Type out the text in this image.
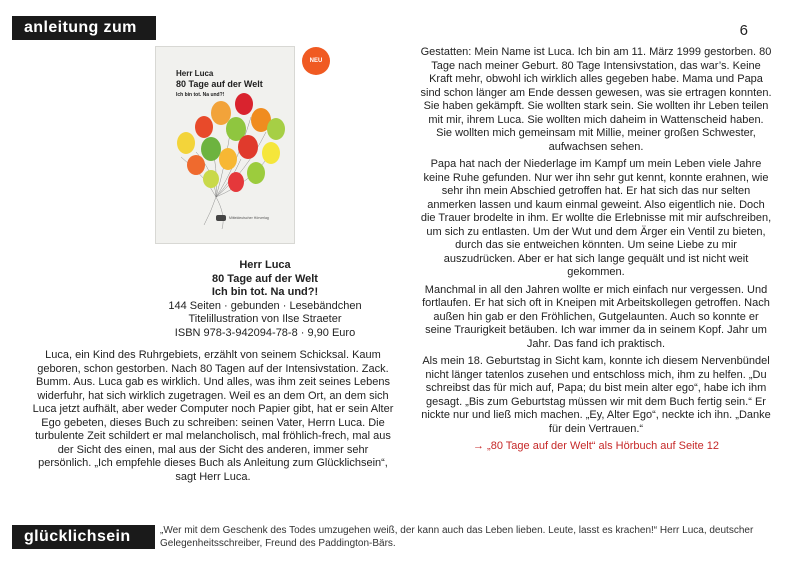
anleitung zum	6
Herr Luca
80 Tage auf der Welt
Ich bin tot. Na und?!
Mitteldeutscher Hörverlag
NEU
Herr Luca
80 Tage auf der Welt
Ich bin tot. Na und?!
144 Seiten · gebunden · Lesebändchen
Titelillustration von Ilse Straeter
ISBN 978-3-942094-78-8 · 9,90 Euro

Luca, ein Kind des Ruhrgebiets, erzählt von seinem Schicksal. Kaum geboren, schon gestorben. Nach 80 Tagen auf der Intensivstation. Zack. Bumm. Aus. Luca gab es wirklich. Und alles, was ihm zeit seines Lebens widerfuhr, hat sich wirklich zugetragen. Weil es an dem Ort, an dem sich Luca jetzt aufhält, aber weder Computer noch Papier gibt, hat er sein Alter Ego gebeten, dieses Buch zu schreiben: seinen Vater, Herrn Luca. Die turbulente Zeit schildert er mal melancholisch, mal fröhlich-frech, mal aus der Sicht des einen, mal aus der Sicht des anderen, immer sehr persönlich. „Ich empfehle dieses Buch als Anleitung zum Glücklichsein“, sagt Herr Luca.

Gestatten: Mein Name ist Luca. Ich bin am 11. März 1999 gestorben. 80 Tage nach meiner Geburt. 80 Tage Intensivstation, das war’s. Keine Kraft mehr, obwohl ich wirklich alles gegeben habe. Mama und Papa sind schon länger am Ende dessen gewesen, was sie ertragen konnten. Sie haben gekämpft. Sie wollten stark sein. Sie wollten ihr Leben teilen mit mir, ihrem Luca. Sie wollten mich daheim in Wattenscheid haben. Sie wollten mich gemeinsam mit Millie, meiner großen Schwester, aufwachsen sehen.

Papa hat nach der Niederlage im Kampf um mein Leben viele Jahre keine Ruhe gefunden. Nur wer ihn sehr gut kennt, konnte erahnen, wie sehr ihn mein Abschied getroffen hat. Er hat sich das nur selten anmerken lassen und kaum einmal geweint. Also eigentlich nie. Doch die Trauer brodelte in ihm. Er wollte die Erlebnisse mit mir aufschreiben, um sich zu entlasten. Um der Wut und dem Ärger ein Ventil zu bieten, durch das sie entweichen könnten. Um seine Liebe zu mir auszudrücken. Aber er hat sich lange gequält und ist nicht weit gekommen.

Manchmal in all den Jahren wollte er mich einfach nur vergessen. Und fortlaufen. Er hat sich oft in Kneipen mit Arbeitskollegen getroffen. Nach außen hin gab er den Fröhlichen, Gutgelaunten. Auch so konnte er seine Traurigkeit betäuben. Ich war immer da in seinem Kopf. Jahr um Jahr. Das fand ich praktisch.

Als mein 18. Geburtstag in Sicht kam, konnte ich diesem Nervenbündel nicht länger tatenlos zusehen und entschloss mich, ihm zu helfen. „Du schreibst das für mich auf, Papa; du bist mein alter ego“, habe ich ihm gesagt. „Bis zum Geburtstag müssen wir mit dem Buch fertig sein.“ Er nickte nur und ließ mich machen. „Ey, Alter Ego“, neckte ich ihn. „Danke für dein Vertrauen.“

→ „80 Tage auf der Welt“ als Hörbuch auf Seite 12

glücklichsein	„Wer mit dem Geschenk des Todes umzugehen weiß, der kann auch das Leben lieben. Leute, lasst es krachen!“ Herr Luca, deutscher Gelegenheitsschreiber, Freund des Paddington-Bärs.
